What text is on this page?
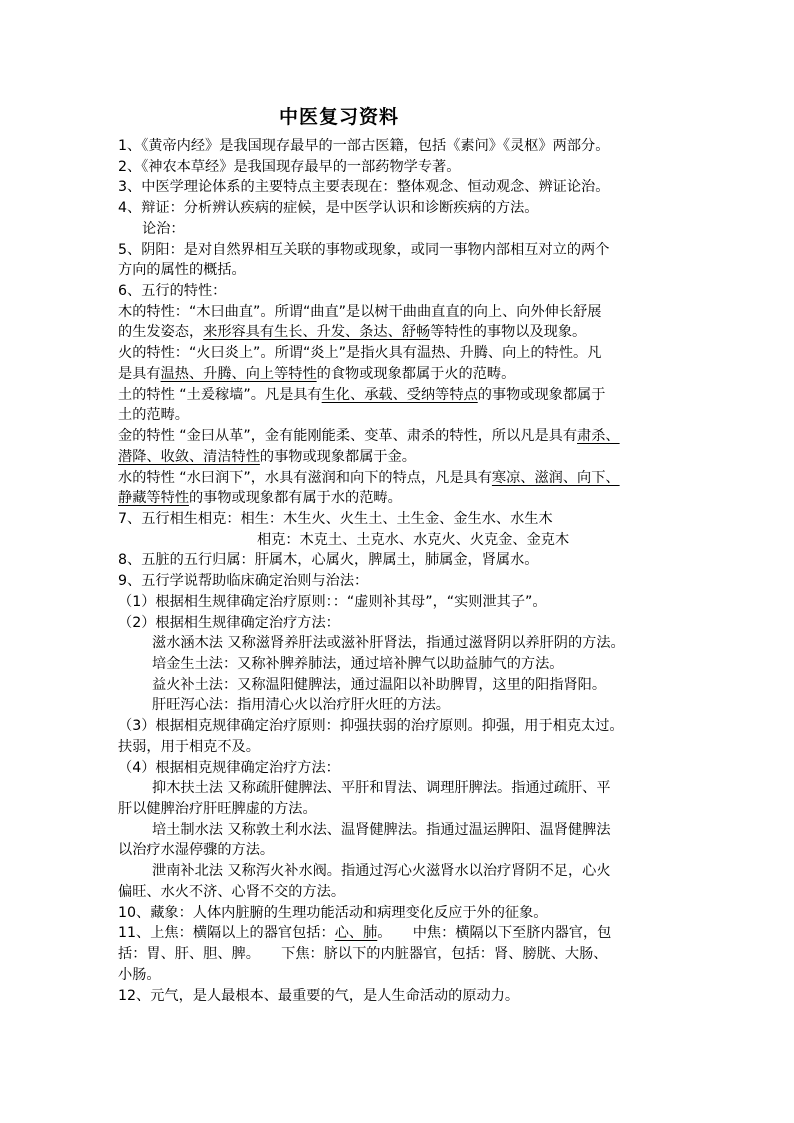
中医复习资料
1、《黄帝内经》是我国现存最早的一部古医籍，包括《素问》《灵枢》两部分。
2、《神农本草经》是我国现存最早的一部药物学专著。
3、中医学理论体系的主要特点主要表现在：整体观念、恒动观念、辨证论治。
4、辩证：分析辨认疾病的症候，是中医学认识和诊断疾病的方法。
论治：
5、阴阳：是对自然界相互关联的事物或现象，或同一事物内部相互对立的两个
方向的属性的概括。
6、五行的特性：
木的特性：“木曰曲直”。所谓“曲直”是以树干曲曲直直的向上、向外伸长舒展
的生发姿态，来形容具有生长、升发、条达、舒畅等特性的事物以及现象。
火的特性：“火曰炎上”。所谓“炎上”是指火具有温热、升腾、向上的特性。凡
是具有温热、升腾、向上等特性的食物或现象都属于火的范畴。
土的特性 “土爰稼墙”。凡是具有生化、承载、受纳等特点的事物或现象都属于
土的范畴。
金的特性 “金曰从革”，金有能刚能柔、变革、肃杀的特性，所以凡是具有肃杀、
潜降、收敛、清洁特性的事物或现象都属于金。
水的特性 “水曰润下”，水具有滋润和向下的特点，凡是具有寒凉、滋润、向下、
静藏等特性的事物或现象都有属于水的范畴。
7、五行相生相克：相生：木生火、火生土、土生金、金生水、水生木
相克：木克土、土克水、水克火、火克金、金克木
8、五脏的五行归属：肝属木，心属火，脾属土，肺属金，肾属水。
9、五行学说帮助临床确定治则与治法：
（1）根据相生规律确定治疗原则：：“虚则补其母”，“实则泄其子”。
（2）根据相生规律确定治疗方法：
滋水涵木法 又称滋肾养肝法或滋补肝肾法，指通过滋肾阴以养肝阴的方法。
培金生土法：又称补脾养肺法，通过培补脾气以助益肺气的方法。
益火补土法：又称温阳健脾法，通过温阳以补助脾胃，这里的阳指肾阳。
肝旺泻心法：指用清心火以治疗肝火旺的方法。
（3）根据相克规律确定治疗原则：抑强扶弱的治疗原则。抑强，用于相克太过。
扶弱，用于相克不及。
（4）根据相克规律确定治疗方法：
抑木扶土法 又称疏肝健脾法、平肝和胃法、调理肝脾法。指通过疏肝、平
肝以健脾治疗肝旺脾虚的方法。
培土制水法 又称敦土利水法、温肾健脾法。指通过温运脾阳、温肾健脾法
以治疗水湿停骤的方法。
泄南补北法 又称泻火补水阀。指通过泻心火滋肾水以治疗肾阴不足，心火
偏旺、水火不济、心肾不交的方法。
10、藏象：人体内脏腑的生理功能活动和病理变化反应于外的征象。
11、上焦：横隔以上的器官包括：心、肺。　　中焦：横隔以下至脐内器官，包
括：胃、肝、胆、脾。　　下焦：脐以下的内脏器官，包括：肾、膀胱、大肠、
小肠。
12、元气，是人最根本、最重要的气，是人生命活动的原动力。
